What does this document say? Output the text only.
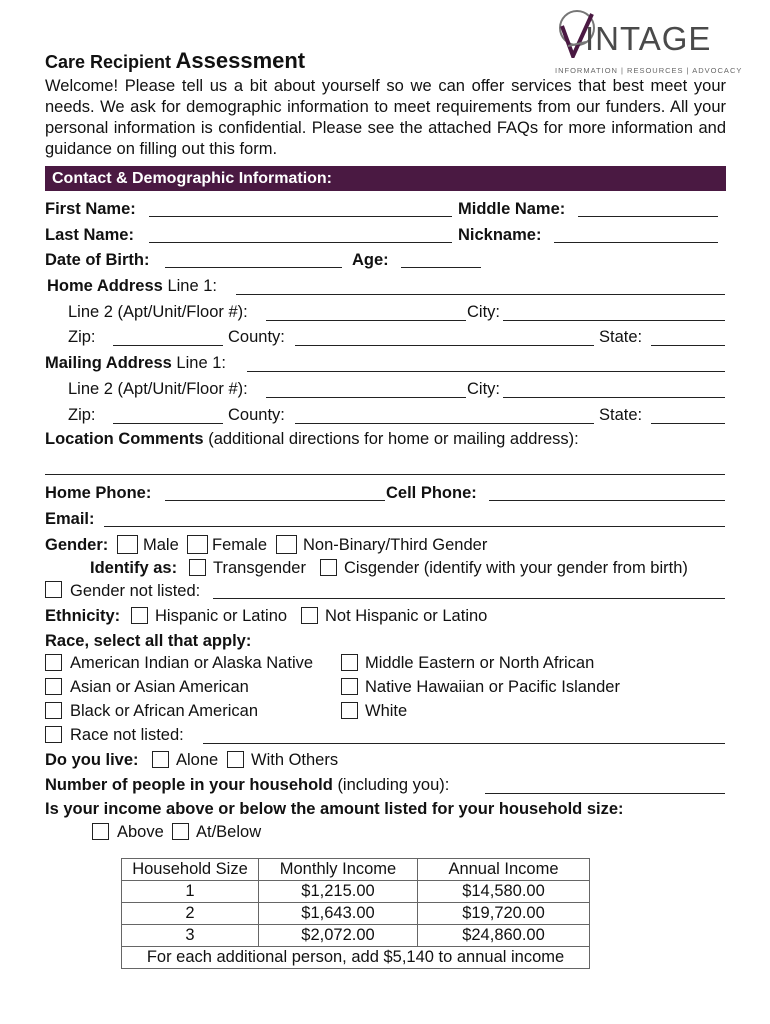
INTAGE
INFORMATION | RESOURCES | ADVOCACY
Care Recipient Assessment
Welcome! Please tell us a bit about yourself so we can offer services that best meet your needs. We ask for demographic information to meet requirements from our funders. All your personal information is confidential. Please see the attached FAQs for more information and guidance on filling out this form.
Contact & Demographic Information:
First Name:	Middle Name:
Last Name:	Nickname:
Date of Birth:	Age:
Home Address Line 1:
Line 2 (Apt/Unit/Floor #):	City:
Zip:	County:	State:
Mailing Address Line 1:
Line 2 (Apt/Unit/Floor #):	City:
Zip:	County:	State:
Location Comments (additional directions for home or mailing address):
Home Phone:	Cell Phone:
Email:
Gender: Male Female Non-Binary/Third Gender
Identify as: Transgender Cisgender (identify with your gender from birth)
Gender not listed:
Ethnicity: Hispanic or Latino Not Hispanic or Latino
Race, select all that apply:
American Indian or Alaska Native	Middle Eastern or North African
Asian or Asian American	Native Hawaiian or Pacific Islander
Black or African American	White
Race not listed:
Do you live: Alone With Others
Number of people in your household (including you):
Is your income above or below the amount listed for your household size:
Above At/Below
Household Size	Monthly Income	Annual Income
1	$1,215.00	$14,580.00
2	$1,643.00	$19,720.00
3	$2,072.00	$24,860.00
For each additional person, add $5,140 to annual income		
